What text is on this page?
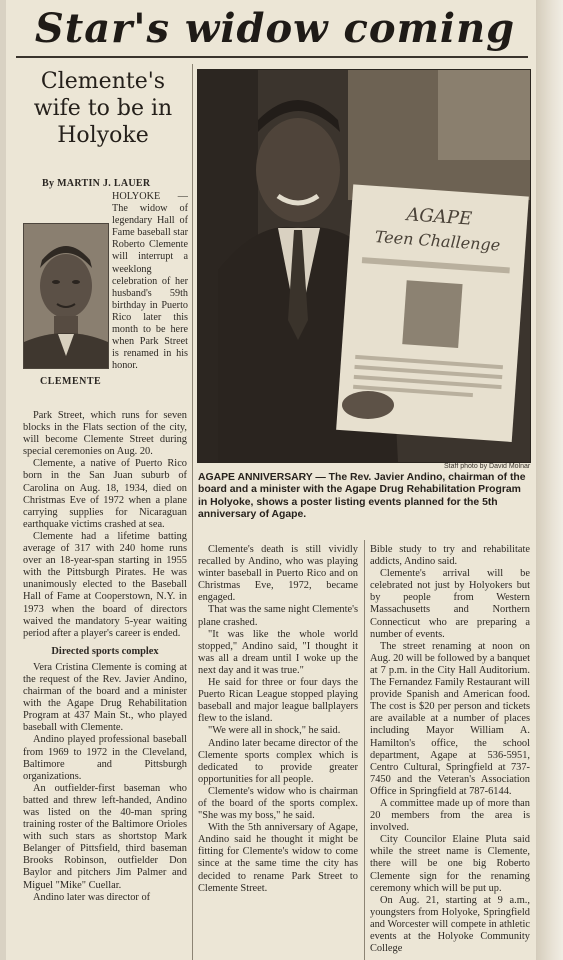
Star's widow coming
Clemente's wife to be in Holyoke
By MARTIN J. LAUER
CLEMENTE

HOLYOKE — The widow of legendary Hall of Fame baseball star Roberto Clemente will interrupt a weeklong celebration of her husband's 59th birthday in Puerto Rico later this month to be here when Park Street is renamed in his honor.

Park Street, which runs for seven blocks in the Flats section of the city, will become Clemente Street during special ceremonies on Aug. 20.

Clemente, a native of Puerto Rico born in the San Juan suburb of Carolina on Aug. 18, 1934, died on Christmas Eve of 1972 when a plane carrying supplies for Nicaraguan earthquake victims crashed at sea.

Clemente had a lifetime batting average of 317 with 240 home runs over an 18-year-span starting in 1955 with the Pittsburgh Pirates. He was unanimously elected to the Baseball Hall of Fame at Cooperstown, N.Y. in 1973 when the board of directors waived the mandatory 5-year waiting period after a player's career is ended.

Directed sports complex

Vera Cristina Clemente is coming at the request of the Rev. Javier Andino, chairman of the board and a minister with the Agape Drug Rehabilitation Program at 437 Main St., who played baseball with Clemente.

Andino played professional baseball from 1969 to 1972 in the Cleveland, Baltimore and Pittsburgh organizations.

An outfielder-first baseman who batted and threw left-handed, Andino was listed on the 40-man spring training roster of the Baltimore Orioles with such stars as shortstop Mark Belanger of Pittsfield, third baseman Brooks Robinson, outfielder Don Baylor and pitchers Jim Palmer and Miguel "Mike" Cuellar.

Andino later was director of

AGAPE
Teen Challenge
Staff photo by David Molnar
AGAPE ANNIVERSARY — The Rev. Javier Andino, chairman of the board and a minister with the Agape Drug Rehabilitation Program in Holyoke, shows a poster listing events planned for the 5th anniversary of Agape.

Clemente's death is still vividly recalled by Andino, who was playing winter baseball in Puerto Rico and on Christmas Eve, 1972, became engaged.

That was the same night Clemente's plane crashed.

"It was like the whole world stopped," Andino said, "I thought it was all a dream until I woke up the next day and it was true."

He said for three or four days the Puerto Rican League stopped playing baseball and major league ballplayers flew to the island.

"We were all in shock," he said.

Andino later became director of the Clemente sports complex which is dedicated to provide greater opportunities for all people.

Clemente's widow who is chairman of the board of the sports complex. "She was my boss," he said.

With the 5th anniversary of Agape, Andino said he thought it might be fitting for Clemente's widow to come since at the same time the city has decided to rename Park Street to Clemente Street.

Bible study to try and rehabilitate addicts, Andino said.

Clemente's arrival will be celebrated not just by Holyokers but by people from Western Massachusetts and Northern Connecticut who are preparing a number of events.

The street renaming at noon on Aug. 20 will be followed by a banquet at 7 p.m. in the City Hall Auditorium. The Fernandez Family Restaurant will provide Spanish and American food. The cost is $20 per person and tickets are available at a number of places including Mayor William A. Hamilton's office, the school department, Agape at 536-5951, Centro Cultural, Springfield at 737-7450 and the Veteran's Association Office in Springfield at 787-6144.

A committee made up of more than 20 members from the area is involved.

City Councilor Elaine Pluta said while the street name is Clemente, there will be one big Roberto Clemente sign for the renaming ceremony which will be put up.

On Aug. 21, starting at 9 a.m., youngsters from Holyoke, Springfield and Worcester will compete in athletic events at the Holyoke Community College
